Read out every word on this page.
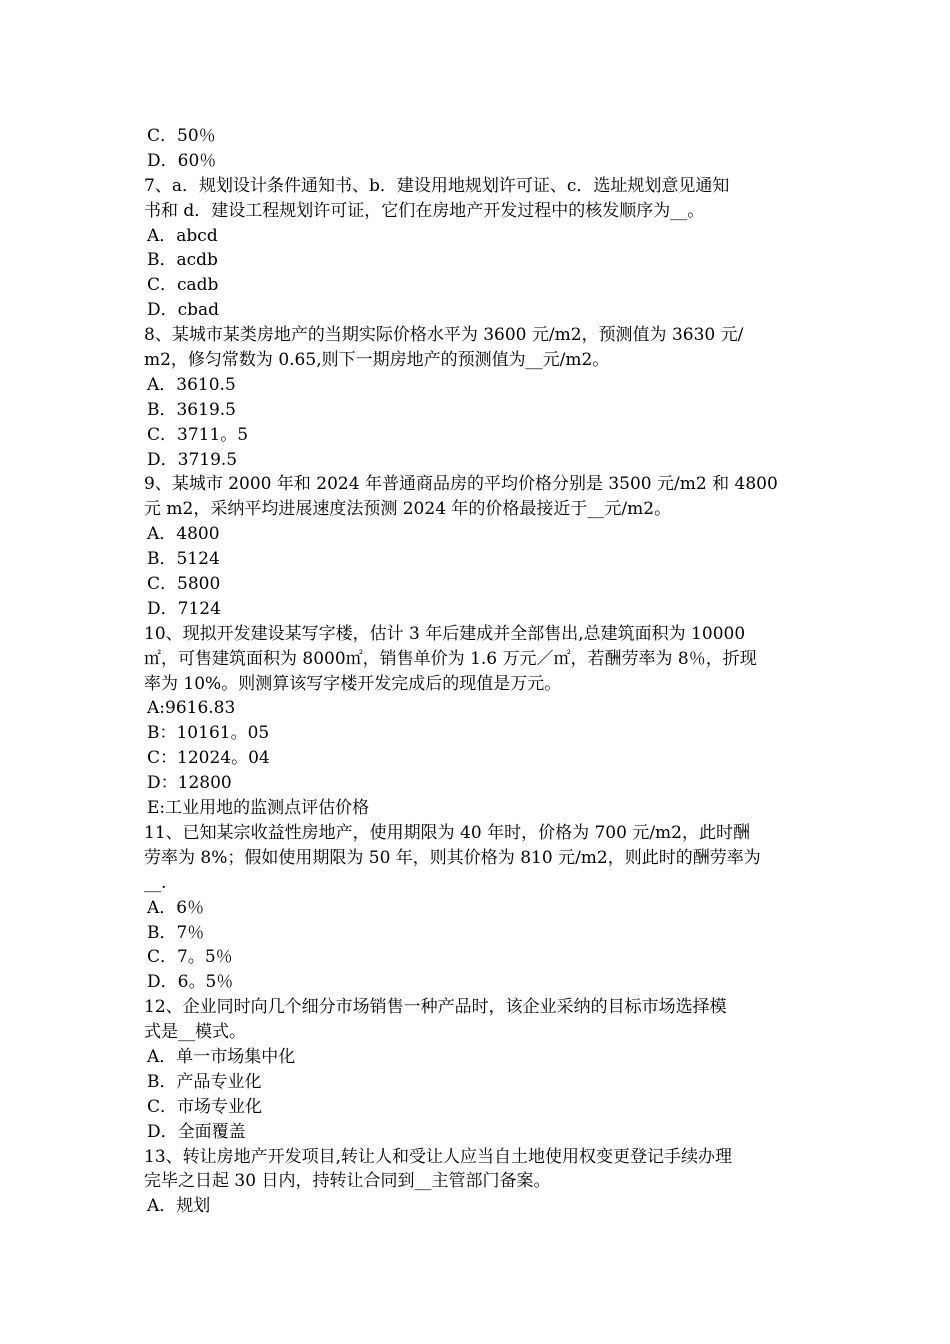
C．50％
D．60％
7、a．规划设计条件通知书、b．建设用地规划许可证、c．选址规划意见通知
书和 d．建设工程规划许可证，它们在房地产开发过程中的核发顺序为__。
A．abcd
B．acdb
C．cadb
D．cbad
8、某城市某类房地产的当期实际价格水平为 3600 元/m2，预测值为 3630 元/
m2，修匀常数为 0.65,则下一期房地产的预测值为__元/m2。
A．3610.5
B．3619.5
C．3711。5
D．3719.5
9、某城市 2000 年和 2024 年普通商品房的平均价格分别是 3500 元/m2 和 4800
元 m2，采纳平均进展速度法预测 2024 年的价格最接近于__元/m2。
A．4800
B．5124
C．5800
D．7124
10、现拟开发建设某写字楼，估计 3 年后建成并全部售出,总建筑面积为 10000
㎡，可售建筑面积为 8000㎡，销售单价为 1.6 万元／㎡，若酬劳率为 8％，折现
率为 10%。则测算该写字楼开发完成后的现值是万元。
A:9616.83
B：10161。05
C：12024。04
D：12800
E:工业用地的监测点评估价格
11、已知某宗收益性房地产，使用期限为 40 年时，价格为 700 元/m2，此时酬
劳率为 8%；假如使用期限为 50 年，则其价格为 810 元/m2，则此时的酬劳率为
__.
A．6％
B．7％
C．7。5％
D．6。5％
12、企业同时向几个细分市场销售一种产品时，该企业采纳的目标市场选择模
式是__模式。
A．单一市场集中化
B．产品专业化
C．市场专业化
D．全面覆盖
13、转让房地产开发项目,转让人和受让人应当自土地使用权变更登记手续办理
完毕之日起 30 日内，持转让合同到__主管部门备案。
A．规划
